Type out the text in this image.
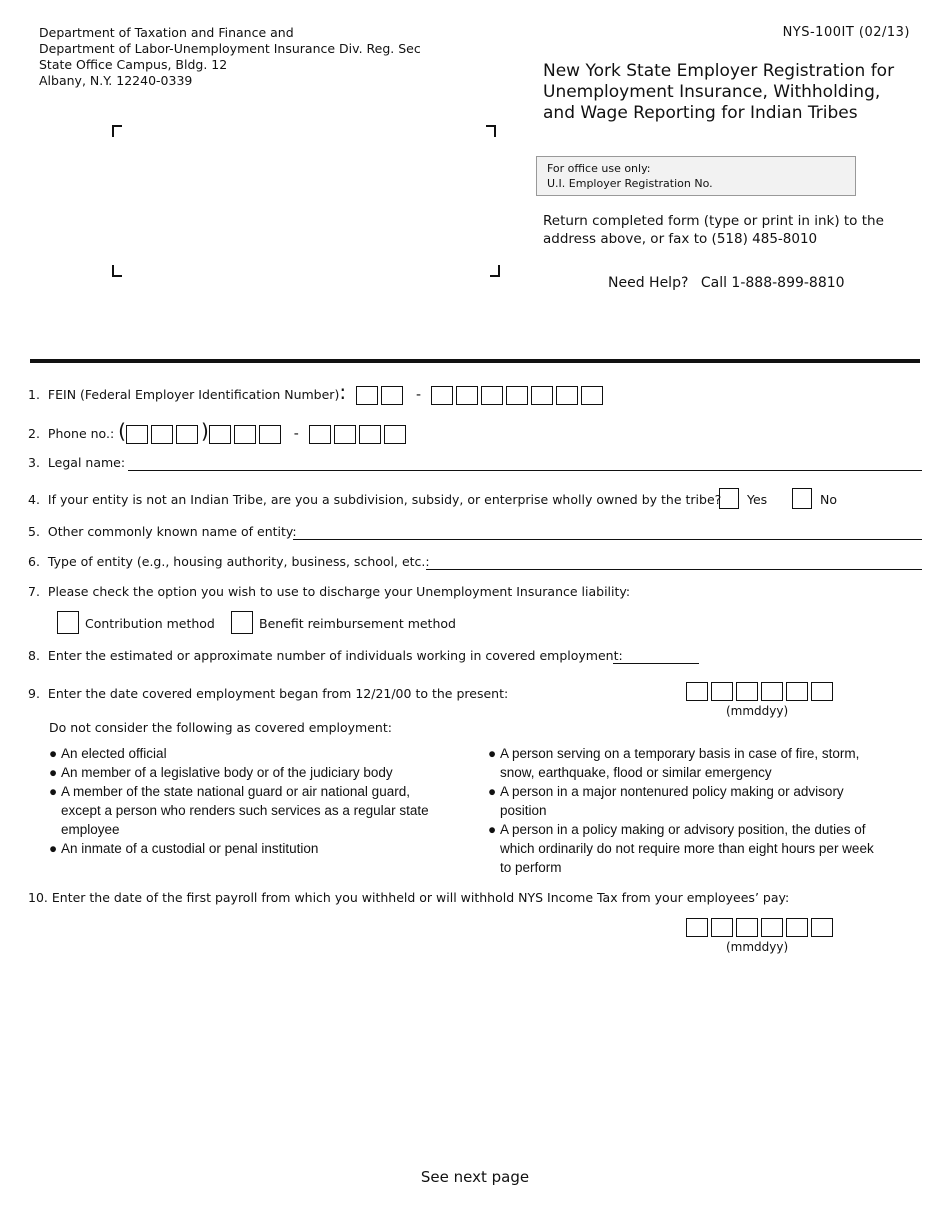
Department of Taxation and Finance and
Department of Labor-Unemployment Insurance Div. Reg. Sec
State Office Campus, Bldg. 12
Albany, N.Y. 12240-0339
NYS-100IT (02/13)
New York State Employer Registration for Unemployment Insurance, Withholding, and Wage Reporting for Indian Tribes
For office use only:
U.I. Employer Registration No.
Return completed form (type or print in ink) to the address above, or fax to (518) 485-8010
Need Help? Call 1-888-899-8810
1. FEIN (Federal Employer Identification Number):	-
2. Phone no.: (	)	-
3. Legal name:
4. If your entity is not an Indian Tribe, are you a subdivision, subsidy, or enterprise wholly owned by the tribe? Yes	No
5. Other commonly known name of entity:
6. Type of entity (e.g., housing authority, business, school, etc.:
7. Please check the option you wish to use to discharge your Unemployment Insurance liability:
Contribution method	Benefit reimbursement method
8. Enter the estimated or approximate number of individuals working in covered employment:
9. Enter the date covered employment began from 12/21/00 to the present:
(mmddyy)
Do not consider the following as covered employment:
● An elected official
● An member of a legislative body or of the judiciary body
● A member of the state national guard or air national guard, except a person who renders such services as a regular state employee
● An inmate of a custodial or penal institution
● A person serving on a temporary basis in case of fire, storm, snow, earthquake, flood or similar emergency
● A person in a major nontenured policy making or advisory position
● A person in a policy making or advisory position, the duties of which ordinarily do not require more than eight hours per week to perform
10. Enter the date of the first payroll from which you withheld or will withhold NYS Income Tax from your employees’ pay:
(mmddyy)
See next page
